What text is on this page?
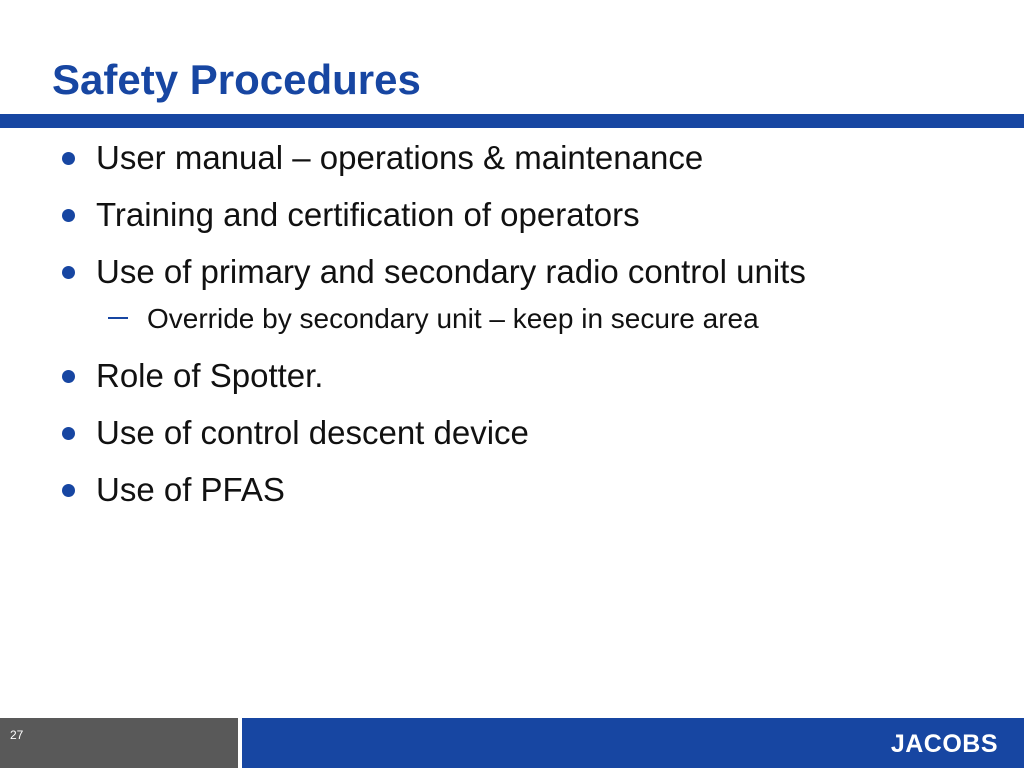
Safety Procedures
User manual – operations & maintenance
Training and certification of operators
Use of primary and secondary radio control units
Override by secondary unit – keep in secure area
Role of Spotter.
Use of control descent device
Use of PFAS
27	JACOBS
